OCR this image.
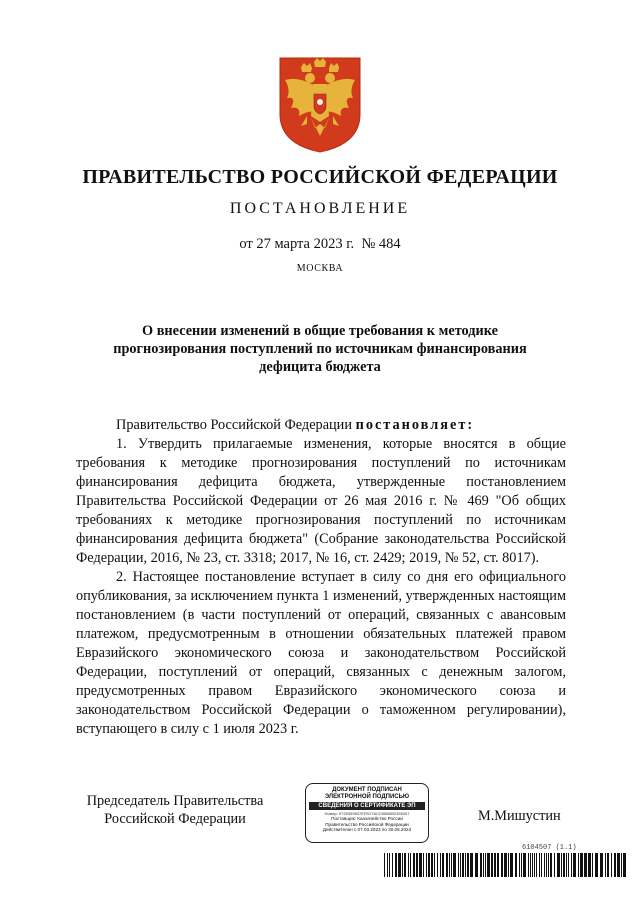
ПРАВИТЕЛЬСТВО РОССИЙСКОЙ ФЕДЕРАЦИИ
ПОСТАНОВЛЕНИЕ
от 27 марта 2023 г. № 484
МОСКВА
О внесении изменений в общие требования к методике
прогнозирования поступлений по источникам финансирования
дефицита бюджета

Правительство Российской Федерации постановляет:

1. Утвердить прилагаемые изменения, которые вносятся в общие требования к методике прогнозирования поступлений по источникам финансирования дефицита бюджета, утвержденные постановлением Правительства Российской Федерации от 26 мая 2016 г. № 469 "Об общих требованиях к методике прогнозирования поступлений по источникам финансирования дефицита бюджета" (Собрание законодательства Российской Федерации, 2016, № 23, ст. 3318; 2017, № 16, ст. 2429; 2019, № 52, ст. 8017).

2. Настоящее постановление вступает в силу со дня его официального опубликования, за исключением пункта 1 изменений, утвержденных настоящим постановлением (в части поступлений от операций, связанных с авансовым платежом, предусмотренным в отношении обязательных платежей правом Евразийского экономического союза и законодательством Российской Федерации, поступлений от операций, связанных с денежным залогом, предусмотренных правом Евразийского экономического союза и законодательством Российской Федерации о таможенном регулировании), вступающего в силу с 1 июля 2023 г.

Председатель Правительства
Российской Федерации
ДОКУМЕНТ ПОДПИСАН
ЭЛЕКТРОННОЙ ПОДПИСЬЮ
СВЕДЕНИЯ О СЕРТИФИКАТЕ ЭП
Номер: 5725359837EFB17ACD08B0B2355057
Поставщик: Казначейство России
Правительство Российской Федерации
Действителен с 07.03.2023 по 30.05.2024
М.Мишустин
6104507 (1.1)
